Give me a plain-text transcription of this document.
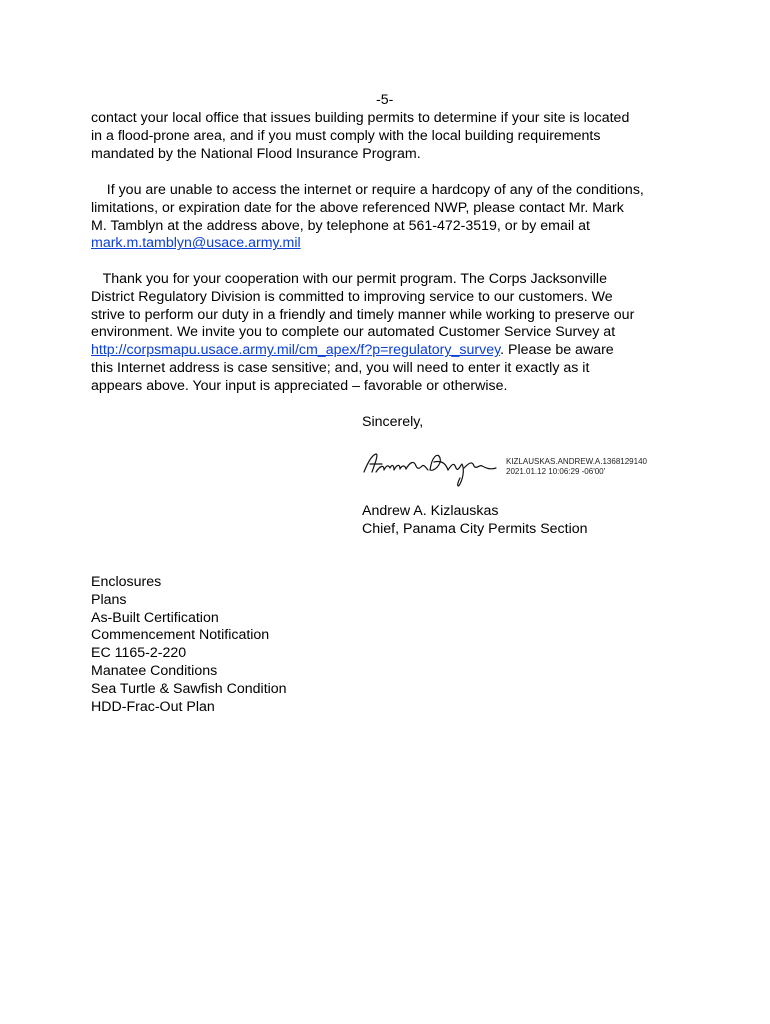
-5-
contact your local office that issues building permits to determine if your site is located
in a flood-prone area, and if you must comply with the local building requirements
mandated by the National Flood Insurance Program.
If you are unable to access the internet or require a hardcopy of any of the conditions,
limitations, or expiration date for the above referenced NWP, please contact Mr. Mark
M. Tamblyn at the address above, by telephone at 561-472-3519, or by email at
mark.m.tamblyn@usace.army.mil
Thank you for your cooperation with our permit program. The Corps Jacksonville
District Regulatory Division is committed to improving service to our customers. We
strive to perform our duty in a friendly and timely manner while working to preserve our
environment. We invite you to complete our automated Customer Service Survey at
http://corpsmapu.usace.army.mil/cm_apex/f?p=regulatory_survey. Please be aware
this Internet address is case sensitive; and, you will need to enter it exactly as it
appears above. Your input is appreciated – favorable or otherwise.
Sincerely,
KIZLAUSKAS.ANDREW.A.1368129140
2021.01.12 10:06:29 -06'00'
Andrew A. Kizlauskas
Chief, Panama City Permits Section
Enclosures
Plans
As-Built Certification
Commencement Notification
EC 1165-2-220
Manatee Conditions
Sea Turtle & Sawfish Condition
HDD-Frac-Out Plan
